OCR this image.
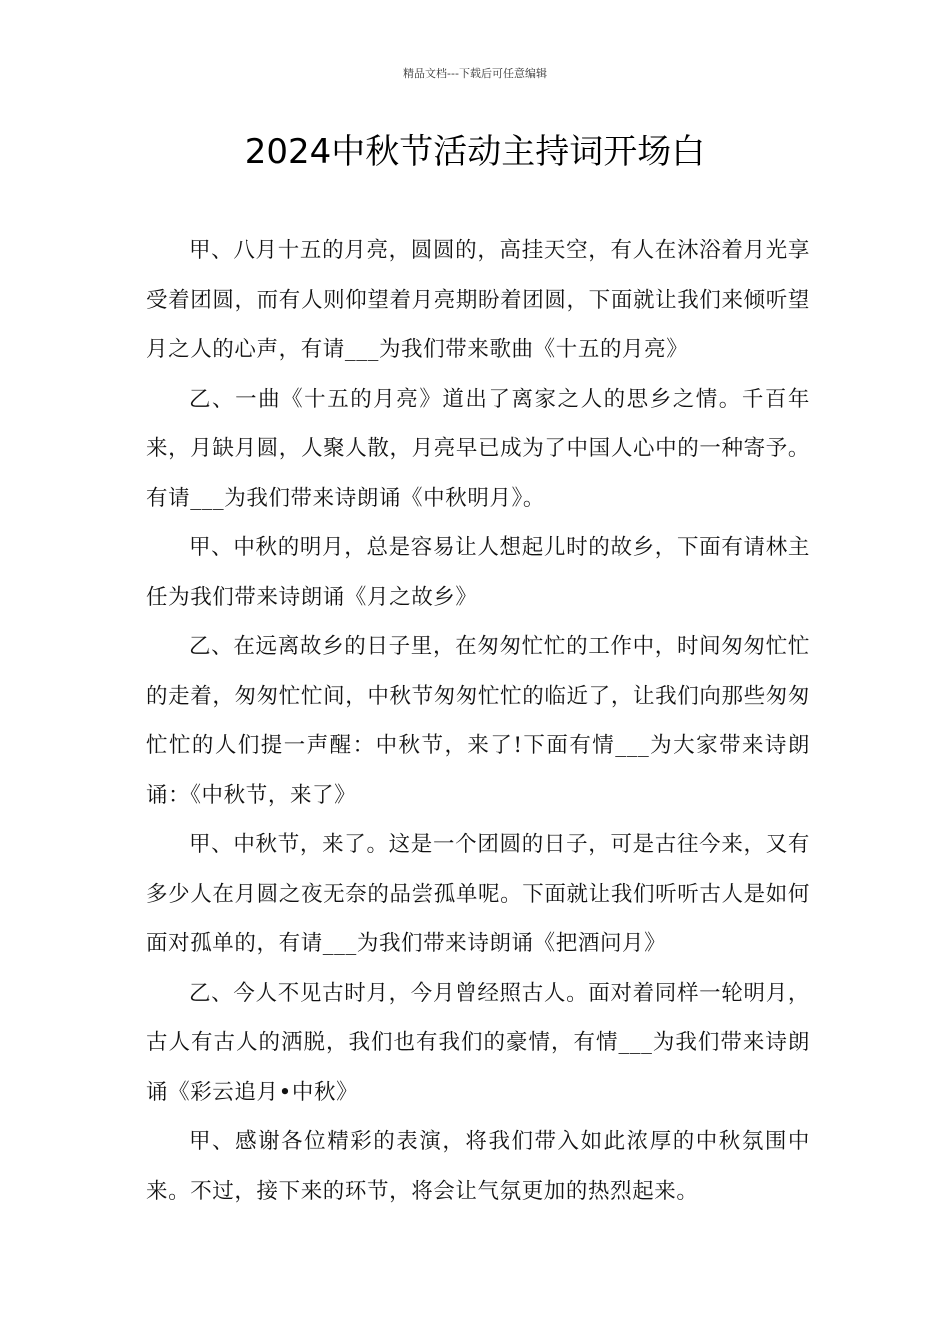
精品文档---下载后可任意编辑
2024中秋节活动主持词开场白

甲、八月十五的月亮，圆圆的，高挂天空，有人在沐浴着月光享受着团圆，而有人则仰望着月亮期盼着团圆，下面就让我们来倾听望月之人的心声，有请___为我们带来歌曲《十五的月亮》

乙、一曲《十五的月亮》道出了离家之人的思乡之情。千百年来，月缺月圆，人聚人散，月亮早已成为了中国人心中的一种寄予。有请___为我们带来诗朗诵《中秋明月》。

甲、中秋的明月，总是容易让人想起儿时的故乡，下面有请林主任为我们带来诗朗诵《月之故乡》

乙、在远离故乡的日子里，在匆匆忙忙的工作中，时间匆匆忙忙的走着，匆匆忙忙间，中秋节匆匆忙忙的临近了，让我们向那些匆匆忙忙的人们提一声醒：中秋节，来了!下面有情___为大家带来诗朗诵：《中秋节，来了》

甲、中秋节，来了。这是一个团圆的日子，可是古往今来，又有多少人在月圆之夜无奈的品尝孤单呢。下面就让我们听听古人是如何面对孤单的，有请___为我们带来诗朗诵《把酒问月》

乙、今人不见古时月，今月曾经照古人。面对着同样一轮明月，古人有古人的洒脱，我们也有我们的豪情，有情___为我们带来诗朗诵《彩云追月•中秋》

甲、感谢各位精彩的表演，将我们带入如此浓厚的中秋氛围中来。不过，接下来的环节，将会让气氛更加的热烈起来。
